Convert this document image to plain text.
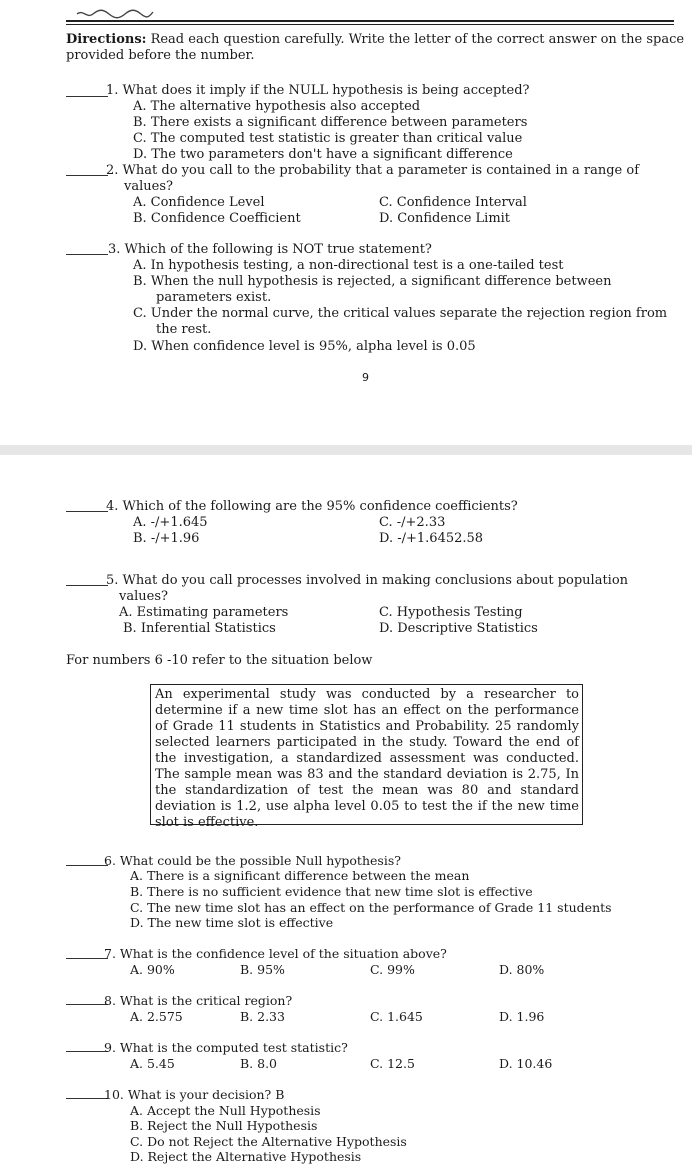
Directions: Read each question carefully. Write the letter of the correct answer on the space
provided before the number.
1. What does it imply if the NULL hypothesis is being accepted?
A. The alternative hypothesis also accepted
B. There exists a significant difference between parameters
C. The computed test statistic is greater than critical value
D. The two parameters don't have a significant difference
2. What do you call to the probability that a parameter is contained in a range of
values?
A. Confidence Level
B. Confidence Coefficient
C. Confidence Interval
D. Confidence Limit
3. Which of the following is NOT true statement?
A. In hypothesis testing, a non-directional test is a one-tailed test
B. When the null hypothesis is rejected, a significant difference between
parameters exist.
C. Under the normal curve, the critical values separate the rejection region from
the rest.
D. When confidence level is 95%, alpha level is 0.05
9
4. Which of the following are the 95% confidence coefficients?
A. -/+1.645
B. -/+1.96
C. -/+2.33
D. -/+1.6452.58
5. What do you call processes involved in making conclusions about population
values?
A. Estimating parameters
B. Inferential Statistics
C. Hypothesis Testing
D. Descriptive Statistics
For numbers 6 -10 refer to the situation below
An experimental study was conducted by a researcher to determine if a new time slot has an effect on the performance of Grade 11 students in Statistics and Probability. 25 randomly selected learners participated in the study. Toward the end of the investigation, a standardized assessment was conducted. The sample mean was 83 and the standard deviation is 2.75, In the standardization of test the mean was 80 and standard deviation is 1.2, use alpha level 0.05 to test the if the new time slot is effective.
6. What could be the possible Null hypothesis?
A. There is a significant difference between the mean
B. There is no sufficient evidence that new time slot is effective
C. The new time slot has an effect on the performance of Grade 11 students
D. The new time slot is effective
7. What is the confidence level of the situation above?
A. 90%	B. 95%	C. 99%	D. 80%
8. What is the critical region?
A. 2.575	B. 2.33	C. 1.645	D. 1.96
9. What is the computed test statistic?
A. 5.45	B. 8.0	C. 12.5	D. 10.46
10. What is your decision? B
A. Accept the Null Hypothesis
B. Reject the Null Hypothesis
C. Do not Reject the Alternative Hypothesis
D. Reject the Alternative Hypothesis
